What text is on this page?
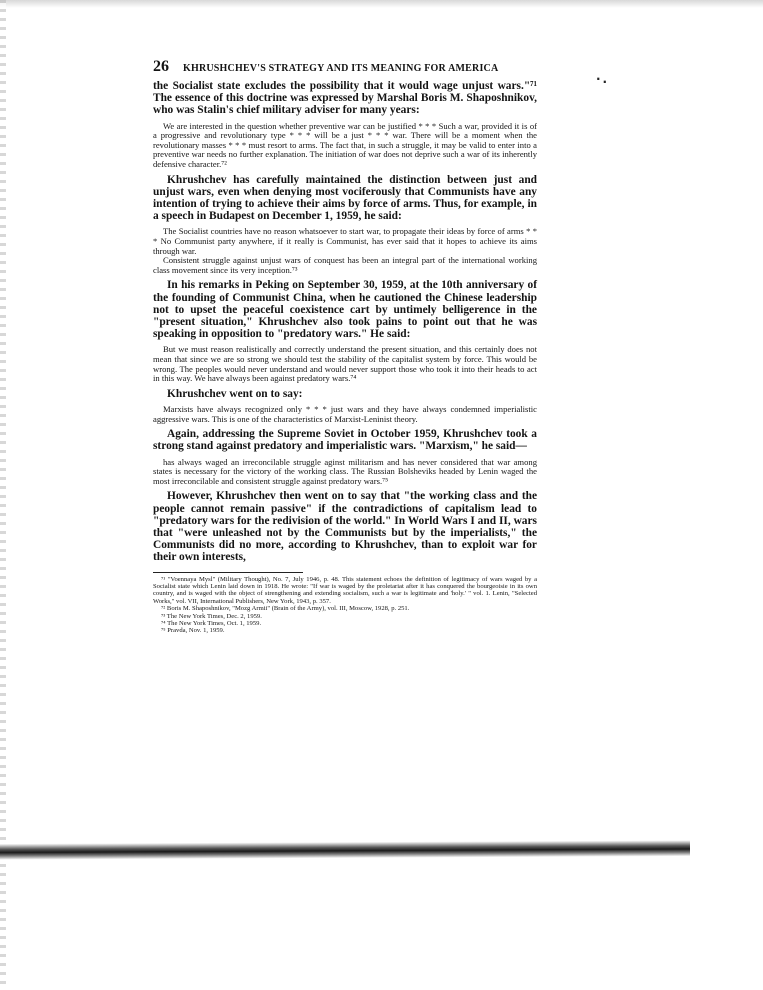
·.
26 KHRUSHCHEV'S STRATEGY AND ITS MEANING FOR AMERICA

the Socialist state excludes the possibility that it would wage unjust wars."⁷¹ The essence of this doctrine was expressed by Marshal Boris M. Shaposhnikov, who was Stalin's chief military adviser for many years:

We are interested in the question whether preventive war can be justified * * * Such a war, provided it is of a progressive and revolutionary type * * * will be a just * * * war. There will be a moment when the revolutionary masses * * * must resort to arms. The fact that, in such a struggle, it may be valid to enter into a preventive war needs no further explanation. The initiation of war does not deprive such a war of its inherently defensive character.⁷²

Khrushchev has carefully maintained the distinction between just and unjust wars, even when denying most vociferously that Communists have any intention of trying to achieve their aims by force of arms. Thus, for example, in a speech in Budapest on December 1, 1959, he said:

The Socialist countries have no reason whatsoever to start war, to propagate their ideas by force of arms * * * No Communist party anywhere, if it really is Communist, has ever said that it hopes to achieve its aims through war.

Consistent struggle against unjust wars of conquest has been an integral part of the international working class movement since its very inception.⁷³

In his remarks in Peking on September 30, 1959, at the 10th anniversary of the founding of Communist China, when he cautioned the Chinese leadership not to upset the peaceful coexistence cart by untimely belligerence in the "present situation," Khrushchev also took pains to point out that he was speaking in opposition to "predatory wars." He said:

But we must reason realistically and correctly understand the present situation, and this certainly does not mean that since we are so strong we should test the stability of the capitalist system by force. This would be wrong. The peoples would never understand and would never support those who took it into their heads to act in this way. We have always been against predatory wars.⁷⁴

Khrushchev went on to say:

Marxists have always recognized only * * * just wars and they have always condemned imperialistic aggressive wars. This is one of the characteristics of Marxist-Leninist theory.

Again, addressing the Supreme Soviet in October 1959, Khrushchev took a strong stand against predatory and imperialistic wars. "Marxism," he said—

has always waged an irreconcilable struggle aginst militarism and has never considered that war among states is necessary for the victory of the working class. The Russian Bolsheviks headed by Lenin waged the most irreconcilable and consistent struggle against predatory wars.⁷⁵

However, Khrushchev then went on to say that "the working class and the people cannot remain passive" if the contradictions of capitalism lead to "predatory wars for the redivision of the world." In World Wars I and II, wars that "were unleashed not by the Communists but by the imperialists," the Communists did no more, according to Khrushchev, than to exploit war for their own interests,

⁷¹ "Voennaya Mysl" (Military Thought), No. 7, July 1946, p. 48. This statement echoes the definition of legitimacy of wars waged by a Socialist state which Lenin laid down in 1918. He wrote: "If war is waged by the proletariat after it has conquered the bourgeoisie in its own country, and is waged with the object of strengthening and extending socialism, such a war is legitimate and 'holy.' " vol. 1. Lenin, "Selected Works," vol. VII, International Publishers, New York, 1943, p. 357.

⁷² Boris M. Shaposhnikov, "Mozg Armii" (Brain of the Army), vol. III, Moscow, 1928, p. 251.

⁷³ The New York Times, Dec. 2, 1959.

⁷⁴ The New York Times, Oct. 1, 1959.

⁷⁵ Pravda, Nov. 1, 1959.
